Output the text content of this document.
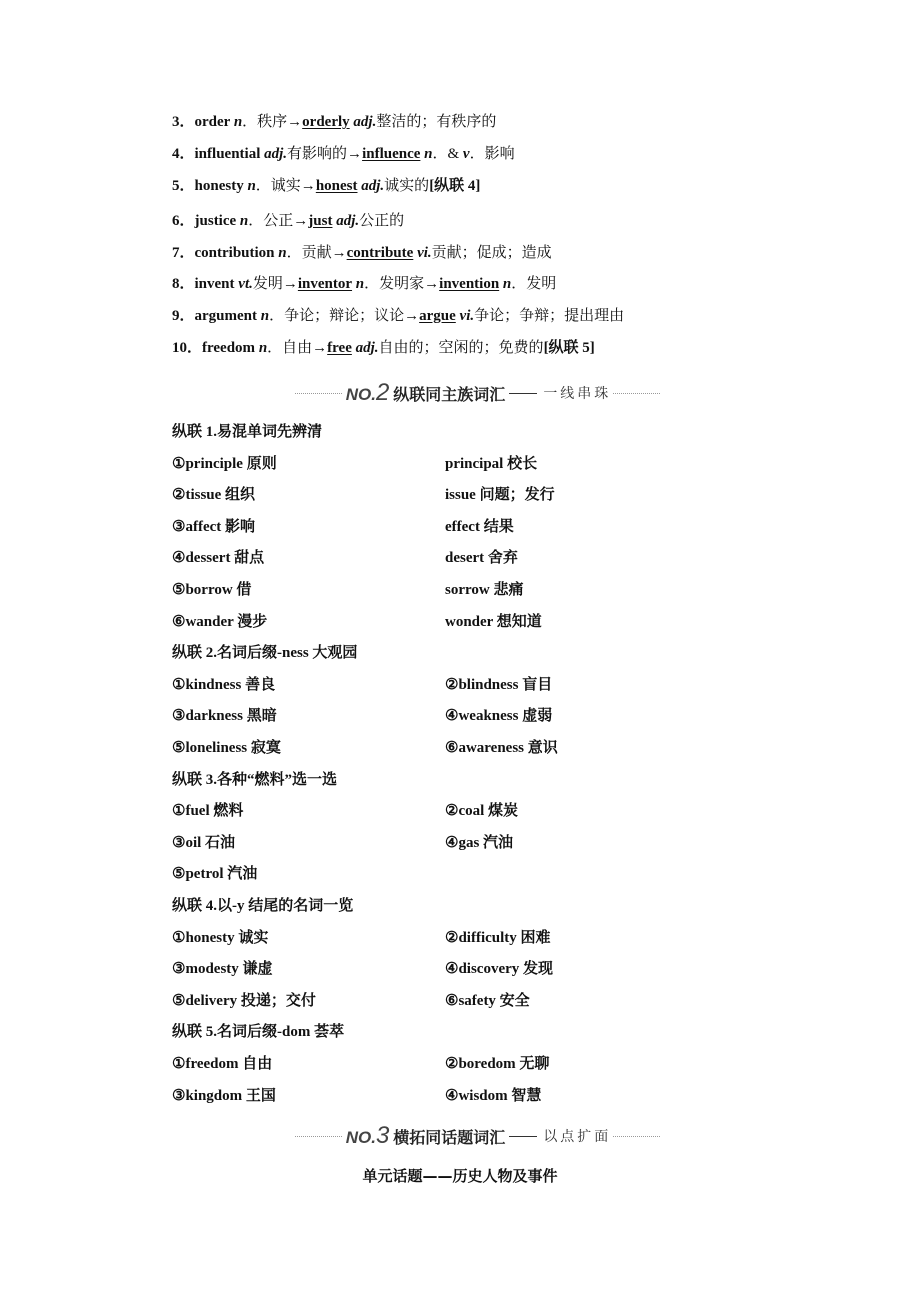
3．order n．秩序→orderly adj.整洁的；有秩序的
4．influential adj.有影响的→influence n．& v．影响
5．honesty n．诚实→honest adj.诚实的[纵联 4]
6．justice n．公正→just adj.公正的
7．contribution n．贡献→contribute vi.贡献；促成；造成
8．invent vt.发明→inventor n．发明家→invention n．发明
9．argument n．争论；辩论；议论→argue vi.争论；争辩；提出理由
10．freedom n．自由→free adj.自由的；空闲的；免费的[纵联 5]
NO.2 纵联同主族词汇	一线串珠
纵联 1.易混单词先辨清
①principle 原则	principal 校长
②tissue 组织	issue 问题；发行
③affect 影响	effect 结果
④dessert 甜点	desert 舍弃
⑤borrow 借	sorrow 悲痛
⑥wander 漫步	wonder 想知道
纵联 2.名词后缀-ness 大观园
①kindness 善良	②blindness 盲目
③darkness 黑暗	④weakness 虚弱
⑤loneliness 寂寞	⑥awareness 意识
纵联 3.各种“燃料”选一选
①fuel 燃料	②coal 煤炭
③oil 石油	④gas 汽油
⑤petrol 汽油
纵联 4.以-y 结尾的名词一览
①honesty 诚实	②difficulty 困难
③modesty 谦虚	④discovery 发现
⑤delivery 投递；交付	⑥safety 安全
纵联 5.名词后缀-dom 荟萃
①freedom 自由	②boredom 无聊
③kingdom 王国	④wisdom 智慧
NO.3 横拓同话题词汇	以点扩面
单元话题——历史人物及事件
